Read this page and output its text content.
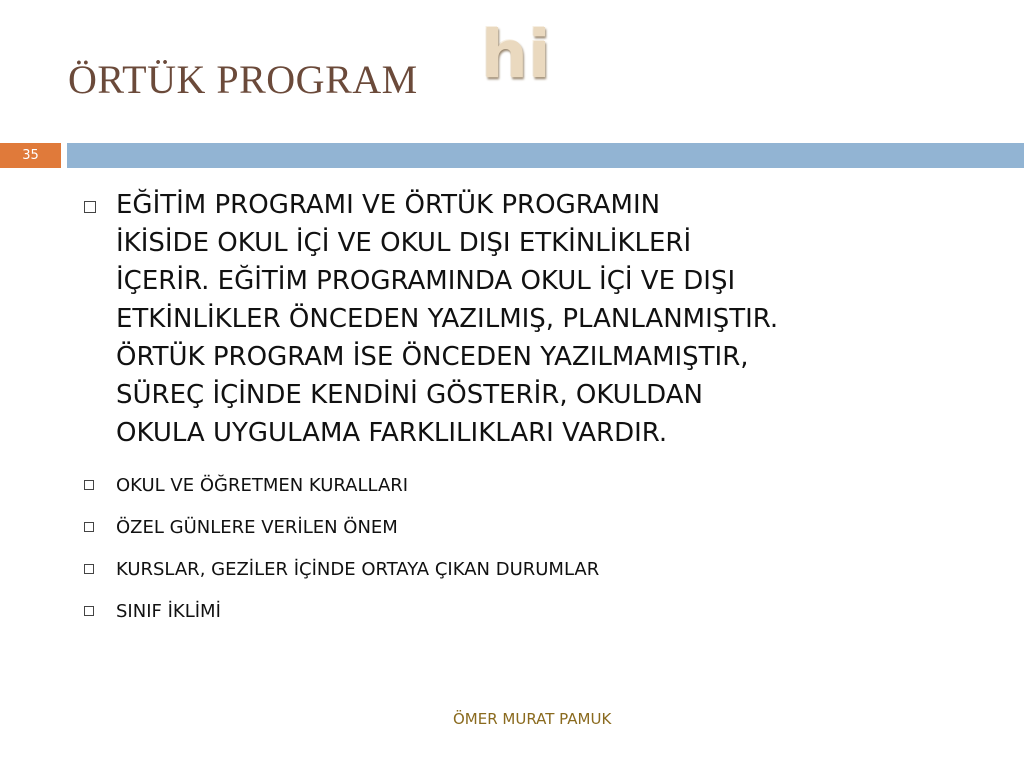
ÖRTÜK PROGRAM hi
35
EĞİTİM PROGRAMI VE ÖRTÜK PROGRAMIN
İKİSİDE OKUL İÇİ VE OKUL DIŞI ETKİNLİKLERİ
İÇERİR. EĞİTİM PROGRAMINDA OKUL İÇİ VE DIŞI
ETKİNLİKLER ÖNCEDEN YAZILMIŞ, PLANLANMIŞTIR.
ÖRTÜK PROGRAM İSE ÖNCEDEN YAZILMAMIŞTIR,
SÜREÇ İÇİNDE KENDİNİ GÖSTERİR, OKULDAN
OKULA UYGULAMA FARKLILIKLARI VARDIR.
OKUL VE ÖĞRETMEN KURALLARI
ÖZEL GÜNLERE VERİLEN ÖNEM
KURSLAR, GEZİLER İÇİNDE ORTAYA ÇIKAN DURUMLAR
SINIF İKLİMİ
ÖMER MURAT PAMUK
